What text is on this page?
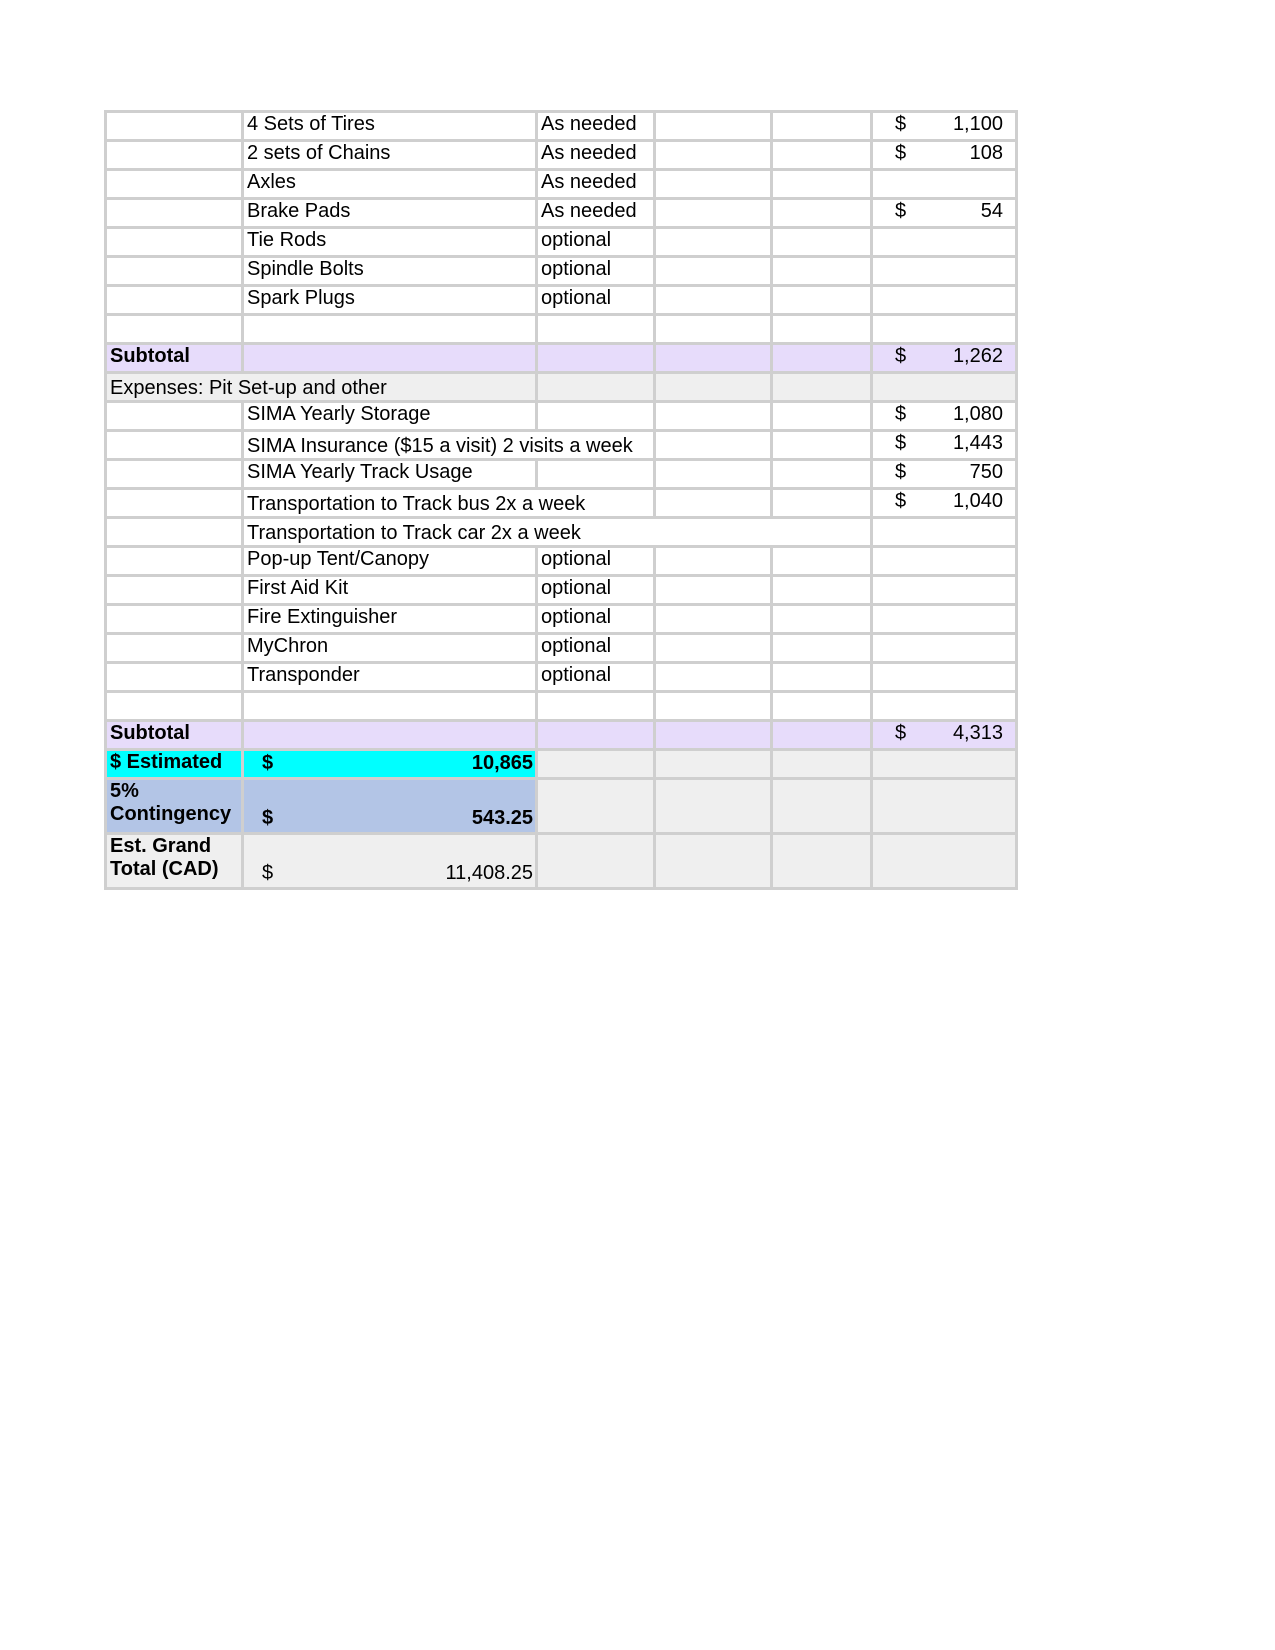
	4 Sets of Tires	As needed			$ 1,100

	2 sets of Chains	As needed			$ 108

	Axles	As needed			

	Brake Pads	As needed			$ 54

	Tie Rods	optional			

	Spindle Bolts	optional			

	Spark Plugs	optional			

Subtotal					$ 1,262

Expenses: Pit Set-up and other					
	SIMA Yearly Storage				$ 1,080

	SIMA Insurance ($15 a visit) 2 visits a week				$ 1,443

	SIMA Yearly Track Usage				$ 750

	Transportation to Track bus 2x a week				$ 1,040

	Transportation to Track car 2x a week				
	Pop-up Tent/Canopy	optional			
	First Aid Kit	optional			
	Fire Extinguisher	optional			
	MyChron	optional			
	Transponder	optional			

Subtotal					$ 4,313

$ Estimated	$ 10,865				

5% Contingency	$ 543.25				

Est. Grand Total (CAD)	$ 11,408.25				
